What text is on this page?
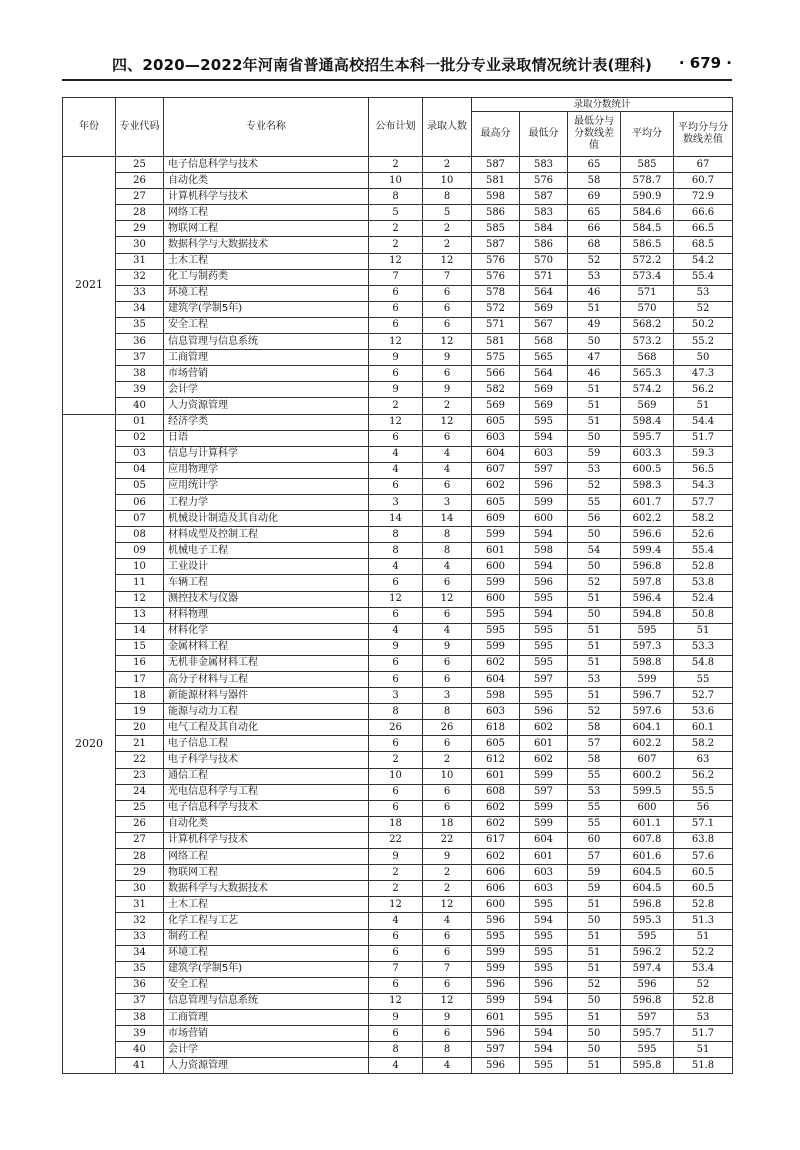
四、2020—2022年河南省普通高校招生本科一批分专业录取情况统计表(理科) · 679 ·
年份	专业代码	专业名称	公布计划	录取人数	录取分数统计				
					最高分	最低分	最低分与分数线差值	平均分	平均分与分数线差值
2021	25	电子信息科学与技术	2	2	587	583	65	585	67
	26	自动化类	10	10	581	576	58	578.7	60.7
	27	计算机科学与技术	8	8	598	587	69	590.9	72.9
	28	网络工程	5	5	586	583	65	584.6	66.6
	29	物联网工程	2	2	585	584	66	584.5	66.5
	30	数据科学与大数据技术	2	2	587	586	68	586.5	68.5
	31	土木工程	12	12	576	570	52	572.2	54.2
	32	化工与制药类	7	7	576	571	53	573.4	55.4
	33	环境工程	6	6	578	564	46	571	53
	34	建筑学(学制5年)	6	6	572	569	51	570	52
	35	安全工程	6	6	571	567	49	568.2	50.2
	36	信息管理与信息系统	12	12	581	568	50	573.2	55.2
	37	工商管理	9	9	575	565	47	568	50
	38	市场营销	6	6	566	564	46	565.3	47.3
	39	会计学	9	9	582	569	51	574.2	56.2
	40	人力资源管理	2	2	569	569	51	569	51
2020	01	经济学类	12	12	605	595	51	598.4	54.4
	02	日语	6	6	603	594	50	595.7	51.7
	03	信息与计算科学	4	4	604	603	59	603.3	59.3
	04	应用物理学	4	4	607	597	53	600.5	56.5
	05	应用统计学	6	6	602	596	52	598.3	54.3
	06	工程力学	3	3	605	599	55	601.7	57.7
	07	机械设计制造及其自动化	14	14	609	600	56	602.2	58.2
	08	材料成型及控制工程	8	8	599	594	50	596.6	52.6
	09	机械电子工程	8	8	601	598	54	599.4	55.4
	10	工业设计	4	4	600	594	50	596.8	52.8
	11	车辆工程	6	6	599	596	52	597.8	53.8
	12	测控技术与仪器	12	12	600	595	51	596.4	52.4
	13	材料物理	6	6	595	594	50	594.8	50.8
	14	材料化学	4	4	595	595	51	595	51
	15	金属材料工程	9	9	599	595	51	597.3	53.3
	16	无机非金属材料工程	6	6	602	595	51	598.8	54.8
	17	高分子材料与工程	6	6	604	597	53	599	55
	18	新能源材料与器件	3	3	598	595	51	596.7	52.7
	19	能源与动力工程	8	8	603	596	52	597.6	53.6
	20	电气工程及其自动化	26	26	618	602	58	604.1	60.1
	21	电子信息工程	6	6	605	601	57	602.2	58.2
	22	电子科学与技术	2	2	612	602	58	607	63
	23	通信工程	10	10	601	599	55	600.2	56.2
	24	光电信息科学与工程	6	6	608	597	53	599.5	55.5
	25	电子信息科学与技术	6	6	602	599	55	600	56
	26	自动化类	18	18	602	599	55	601.1	57.1
	27	计算机科学与技术	22	22	617	604	60	607.8	63.8
	28	网络工程	9	9	602	601	57	601.6	57.6
	29	物联网工程	2	2	606	603	59	604.5	60.5
	30	数据科学与大数据技术	2	2	606	603	59	604.5	60.5
	31	土木工程	12	12	600	595	51	596.8	52.8
	32	化学工程与工艺	4	4	596	594	50	595.3	51.3
	33	制药工程	6	6	595	595	51	595	51
	34	环境工程	6	6	599	595	51	596.2	52.2
	35	建筑学(学制5年)	7	7	599	595	51	597.4	53.4
	36	安全工程	6	6	596	596	52	596	52
	37	信息管理与信息系统	12	12	599	594	50	596.8	52.8
	38	工商管理	9	9	601	595	51	597	53
	39	市场营销	6	6	596	594	50	595.7	51.7
	40	会计学	8	8	597	594	50	595	51
	41	人力资源管理	4	4	596	595	51	595.8	51.8
